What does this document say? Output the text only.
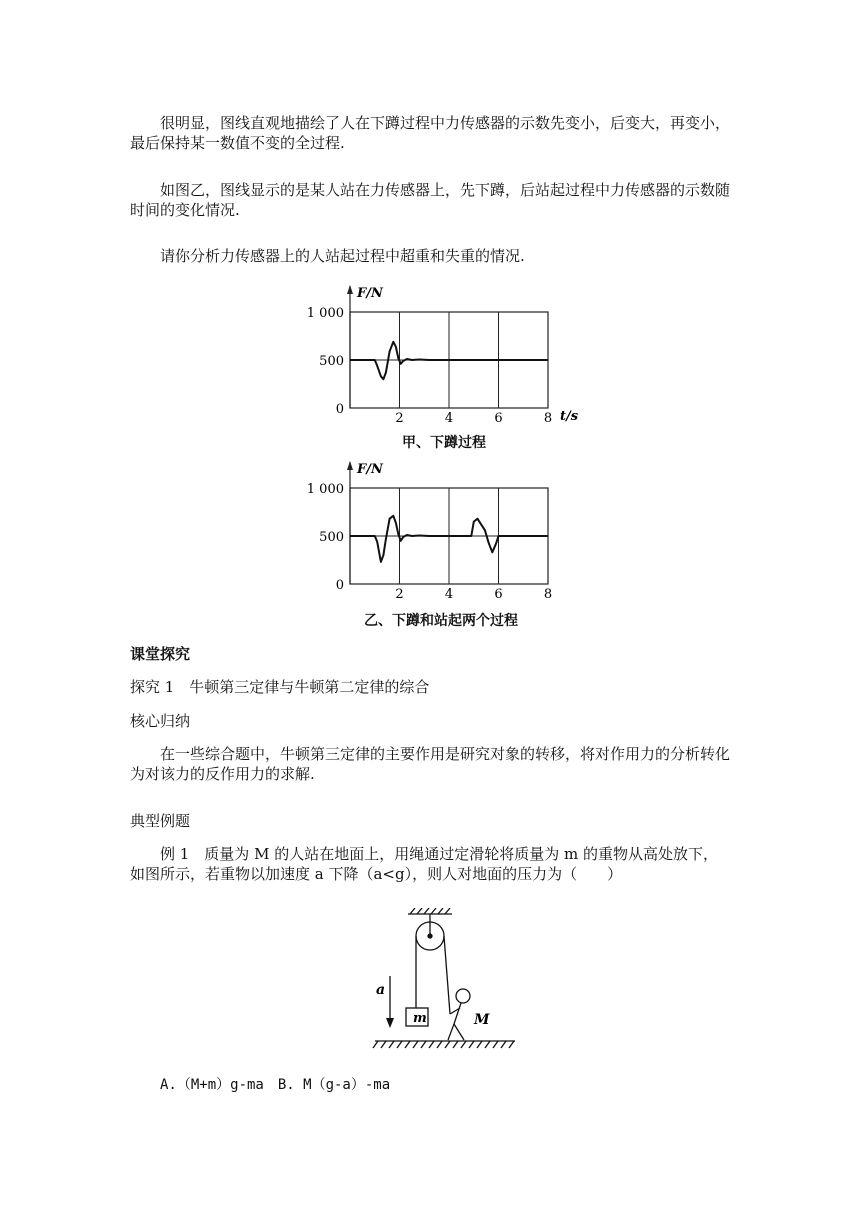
很明显，图线直观地描绘了人在下蹲过程中力传感器的示数先变小，后变大，再变小，最后保持某一数值不变的全过程.

如图乙，图线显示的是某人站在力传感器上，先下蹲，后站起过程中力传感器的示数随时间的变化情况.

请你分析力传感器上的人站起过程中超重和失重的情况.

F/N
t/s
1 000
500
0
2	4	6	8
甲、下蹲过程
F/N
1 000
500
0
2	4	6	8
乙、下蹲和站起两个过程

课堂探究

探究 1　牛顿第三定律与牛顿第二定律的综合

核心归纳

在一些综合题中，牛顿第三定律的主要作用是研究对象的转移，将对作用力的分析转化为对该力的反作用力的求解.

典型例题

例 1　质量为 M 的人站在地面上，用绳通过定滑轮将质量为 m 的重物从高处放下，如图所示，若重物以加速度 a 下降（a<g），则人对地面的压力为（　　）

a
m	M

A.（M+m）g-ma　B. M（g-a）-ma
